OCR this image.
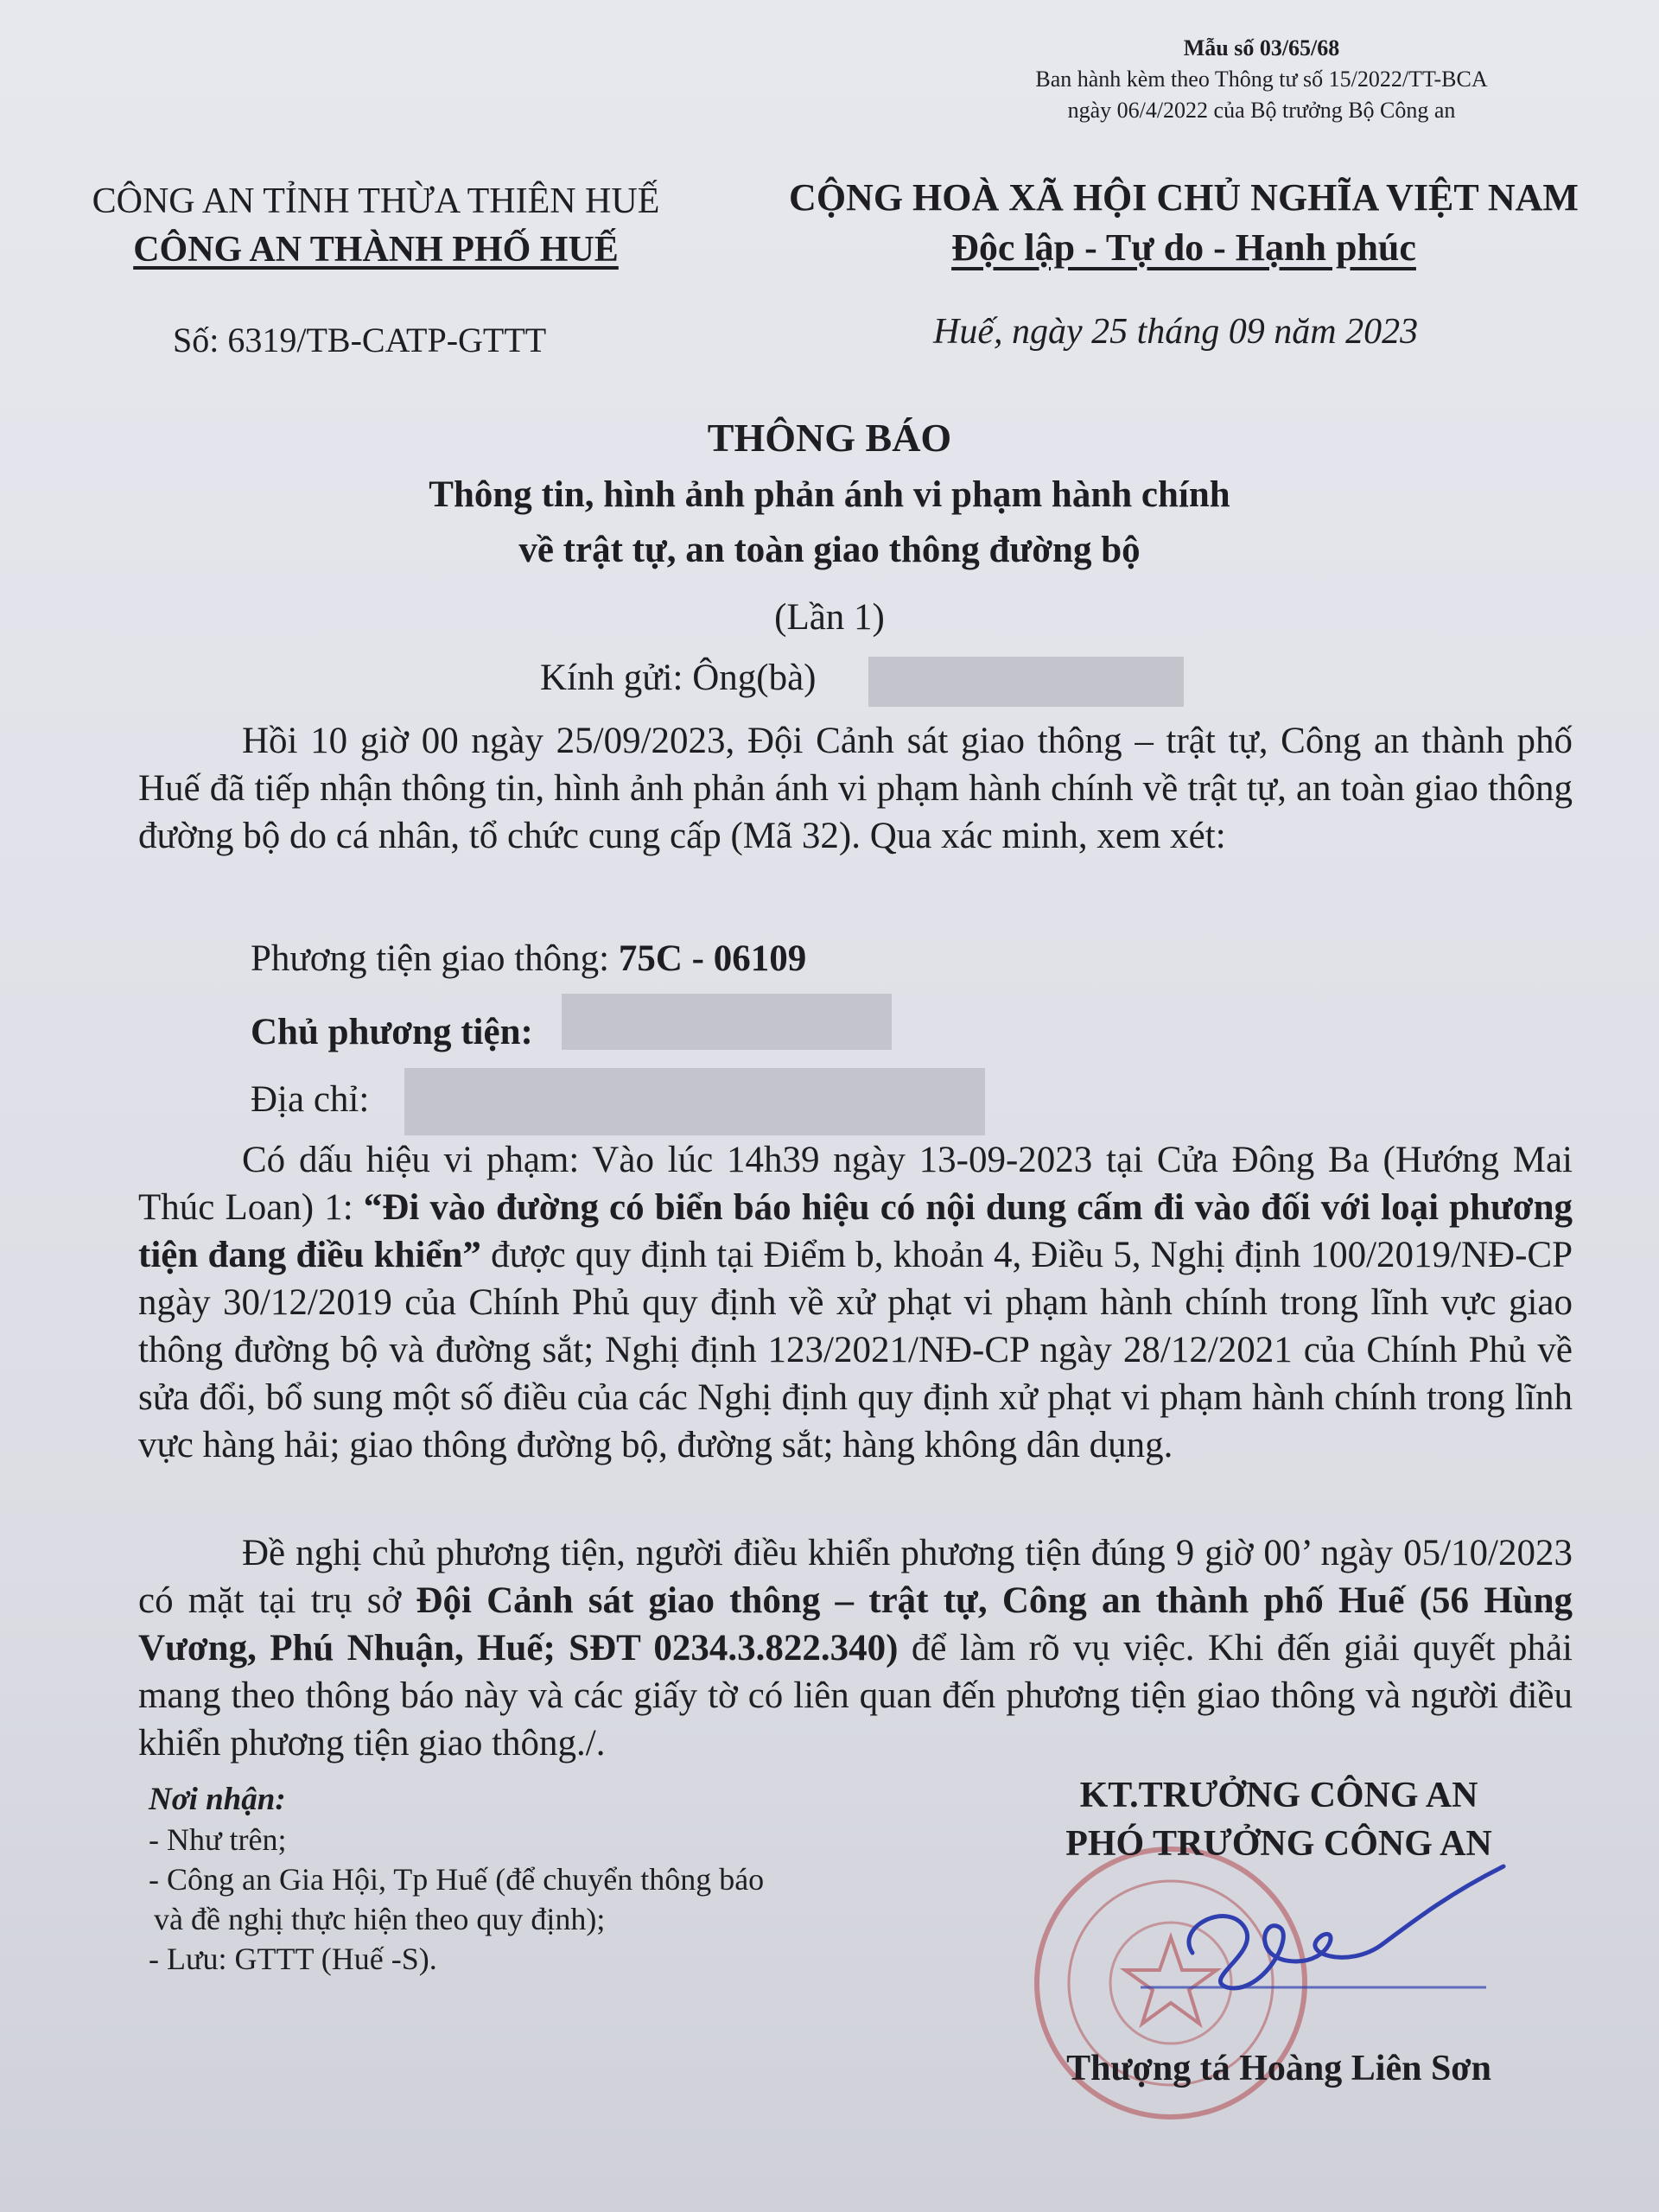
Mẫu số 03/65/68
Ban hành kèm theo Thông tư số 15/2022/TT-BCA
ngày 06/4/2022 của Bộ trưởng Bộ Công an
CÔNG AN TỈNH THỪA THIÊN HUẾ
CÔNG AN THÀNH PHỐ HUẾ
CỘNG HOÀ XÃ HỘI CHỦ NGHĨA VIỆT NAM
Độc lập - Tự do - Hạnh phúc
Số: 6319/TB-CATP-GTTT	Huế, ngày 25 tháng 09 năm 2023
THÔNG BÁO
Thông tin, hình ảnh phản ánh vi phạm hành chính
về trật tự, an toàn giao thông đường bộ
(Lần 1)
Kính gửi: Ông(bà)
Hồi 10 giờ 00 ngày 25/09/2023, Đội Cảnh sát giao thông – trật tự, Công an thành phố Huế đã tiếp nhận thông tin, hình ảnh phản ánh vi phạm hành chính về trật tự, an toàn giao thông đường bộ do cá nhân, tổ chức cung cấp (Mã 32). Qua xác minh, xem xét:
Phương tiện giao thông: 75C - 06109
Chủ phương tiện:
Địa chỉ:
Có dấu hiệu vi phạm: Vào lúc 14h39 ngày 13-09-2023 tại Cửa Đông Ba (Hướng Mai Thúc Loan) 1: “Đi vào đường có biển báo hiệu có nội dung cấm đi vào đối với loại phương tiện đang điều khiển” được quy định tại Điểm b, khoản 4, Điều 5, Nghị định 100/2019/NĐ-CP ngày 30/12/2019 của Chính Phủ quy định về xử phạt vi phạm hành chính trong lĩnh vực giao thông đường bộ và đường sắt; Nghị định 123/2021/NĐ-CP ngày 28/12/2021 của Chính Phủ về sửa đổi, bổ sung một số điều của các Nghị định quy định xử phạt vi phạm hành chính trong lĩnh vực hàng hải; giao thông đường bộ, đường sắt; hàng không dân dụng.
Đề nghị chủ phương tiện, người điều khiển phương tiện đúng 9 giờ 00’ ngày 05/10/2023 có mặt tại trụ sở Đội Cảnh sát giao thông – trật tự, Công an thành phố Huế (56 Hùng Vương, Phú Nhuận, Huế; SĐT 0234.3.822.340) để làm rõ vụ việc. Khi đến giải quyết phải mang theo thông báo này và các giấy tờ có liên quan đến phương tiện giao thông và người điều khiển phương tiện giao thông./.
Nơi nhận:
- Như trên;
- Công an Gia Hội, Tp Huế (để chuyển thông báo
và đề nghị thực hiện theo quy định);
- Lưu: GTTT (Huế -S).
KT.TRƯỞNG CÔNG AN
PHÓ TRƯỞNG CÔNG AN
Thượng tá Hoàng Liên Sơn
